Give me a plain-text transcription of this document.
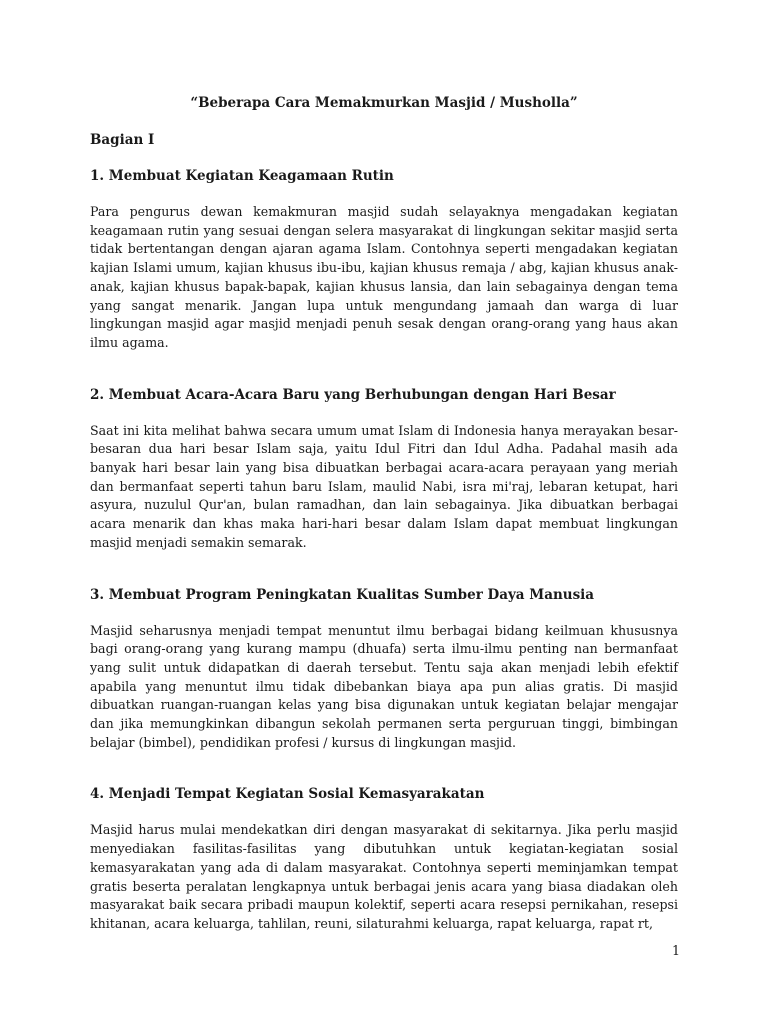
“Beberapa Cara Memakmurkan Masjid / Musholla”
Bagian I
1. Membuat Kegiatan Keagamaan Rutin

Para pengurus dewan kemakmuran masjid sudah selayaknya mengadakan kegiatan keagamaan rutin yang sesuai dengan selera masyarakat di lingkungan sekitar masjid serta tidak bertentangan dengan ajaran agama Islam. Contohnya seperti mengadakan kegiatan kajian Islami umum, kajian khusus ibu-ibu, kajian khusus remaja / abg, kajian khusus anak-anak, kajian khusus bapak-bapak, kajian khusus lansia, dan lain sebagainya dengan tema yang sangat menarik. Jangan lupa untuk mengundang jamaah dan warga di luar lingkungan masjid agar masjid menjadi penuh sesak dengan orang-orang yang haus akan ilmu agama.

2. Membuat Acara-Acara Baru yang Berhubungan dengan Hari Besar

Saat ini kita melihat bahwa secara umum umat Islam di Indonesia hanya merayakan besar-besaran dua hari besar Islam saja, yaitu Idul Fitri dan Idul Adha. Padahal masih ada banyak hari besar lain yang bisa dibuatkan berbagai acara-acara perayaan yang meriah dan bermanfaat seperti tahun baru Islam, maulid Nabi, isra mi'raj, lebaran ketupat, hari asyura, nuzulul Qur'an, bulan ramadhan, dan lain sebagainya. Jika dibuatkan berbagai acara menarik dan khas maka hari-hari besar dalam Islam dapat membuat lingkungan masjid menjadi semakin semarak.

3. Membuat Program Peningkatan Kualitas Sumber Daya Manusia

Masjid seharusnya menjadi tempat menuntut ilmu berbagai bidang keilmuan khususnya bagi orang-orang yang kurang mampu (dhuafa) serta ilmu-ilmu penting nan bermanfaat yang sulit untuk didapatkan di daerah tersebut. Tentu saja akan menjadi lebih efektif apabila yang menuntut ilmu tidak dibebankan biaya apa pun alias gratis. Di masjid dibuatkan ruangan-ruangan kelas yang bisa digunakan untuk kegiatan belajar mengajar dan jika memungkinkan dibangun sekolah permanen serta perguruan tinggi, bimbingan belajar (bimbel), pendidikan profesi / kursus di lingkungan masjid.

4. Menjadi Tempat Kegiatan Sosial Kemasyarakatan

Masjid harus mulai mendekatkan diri dengan masyarakat di sekitarnya. Jika perlu masjid menyediakan fasilitas-fasilitas yang dibutuhkan untuk kegiatan-kegiatan sosial kemasyarakatan yang ada di dalam masyarakat. Contohnya seperti meminjamkan tempat gratis beserta peralatan lengkapnya untuk berbagai jenis acara yang biasa diadakan oleh masyarakat baik secara pribadi maupun kolektif, seperti acara resepsi pernikahan, resepsi khitanan, acara keluarga, tahlilan, reuni, silaturahmi keluarga, rapat keluarga, rapat rt,

1
